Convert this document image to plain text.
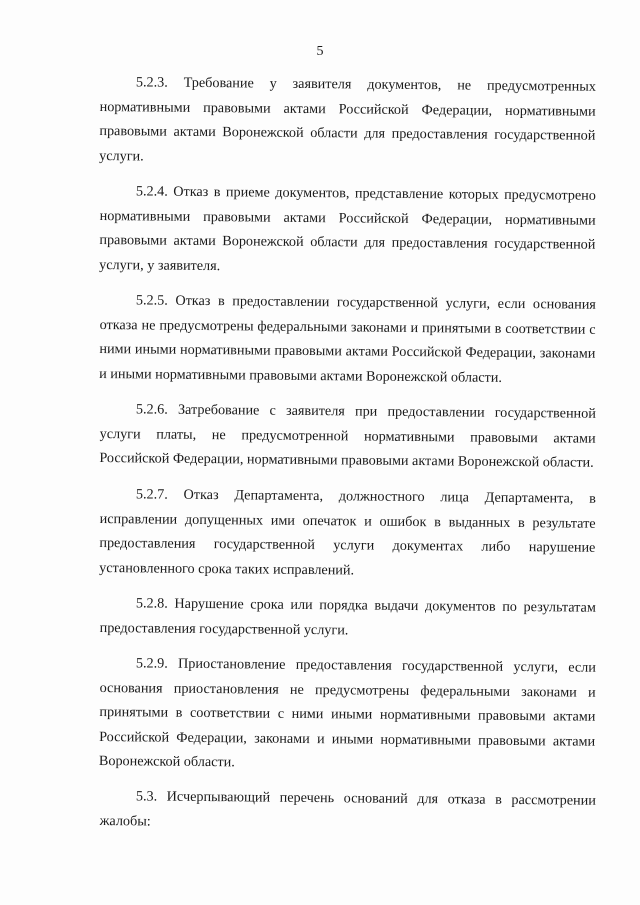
5

5.2.3. Требование у заявителя документов, не предусмотренных нормативными правовыми актами Российской Федерации, нормативными правовыми актами Воронежской области для предоставления государственной услуги.

5.2.4. Отказ в приеме документов, представление которых предусмотрено нормативными правовыми актами Российской Федерации, нормативными правовыми актами Воронежской области для предоставления государственной услуги, у заявителя.

5.2.5. Отказ в предоставлении государственной услуги, если основания отказа не предусмотрены федеральными законами и принятыми в соответствии с ними иными нормативными правовыми актами Российской Федерации, законами и иными нормативными правовыми актами Воронежской области.

5.2.6. Затребование с заявителя при предоставлении государственной услуги платы, не предусмотренной нормативными правовыми актами Российской Федерации, нормативными правовыми актами Воронежской области.

5.2.7. Отказ Департамента, должностного лица Департамента, в исправлении допущенных ими опечаток и ошибок в выданных в результате предоставления государственной услуги документах либо нарушение установленного срока таких исправлений.

5.2.8. Нарушение срока или порядка выдачи документов по результатам предоставления государственной услуги.

5.2.9. Приостановление предоставления государственной услуги, если основания приостановления не предусмотрены федеральными законами и принятыми в соответствии с ними иными нормативными правовыми актами Российской Федерации, законами и иными нормативными правовыми актами Воронежской области.

5.3. Исчерпывающий перечень оснований для отказа в рассмотрении жалобы:
